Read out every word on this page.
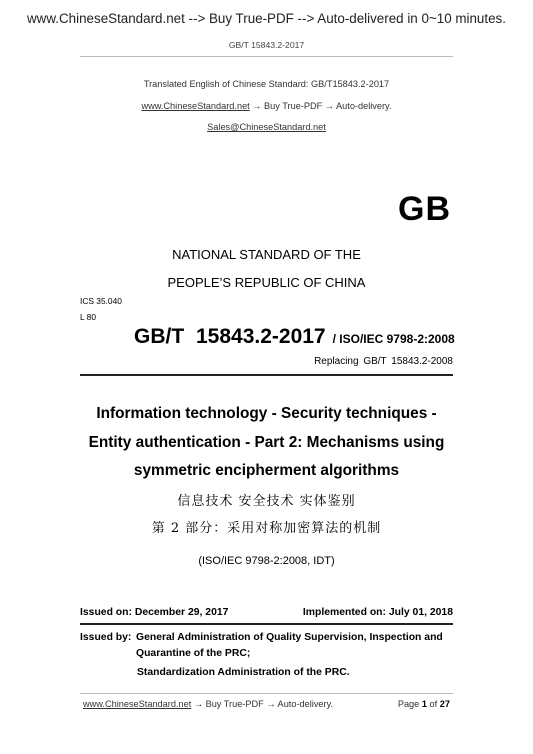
www.ChineseStandard.net --> Buy True-PDF --> Auto-delivered in 0~10 minutes.
GB/T 15843.2-2017
Translated English of Chinese Standard: GB/T15843.2-2017
www.ChineseStandard.net → Buy True-PDF → Auto-delivery.
Sales@ChineseStandard.net
GB
NATIONAL STANDARD OF THE
PEOPLE’S REPUBLIC OF CHINA
ICS 35.040
L 80
GB/T 15843.2-2017 / ISO/IEC 9798-2:2008
Replacing GB/T 15843.2-2008
Information technology - Security techniques -
Entity authentication - Part 2: Mechanisms using
symmetric encipherment algorithms
信息技术 安全技术 实体鉴别
第 2 部分：采用对称加密算法的机制
(ISO/IEC 9798-2:2008, IDT)
Issued on: December 29, 2017	Implemented on: July 01, 2018
Issued by: General Administration of Quality Supervision, Inspection and Quarantine of the PRC;
Standardization Administration of the PRC.
www.ChineseStandard.net → Buy True-PDF → Auto-delivery.	Page 1 of 27
